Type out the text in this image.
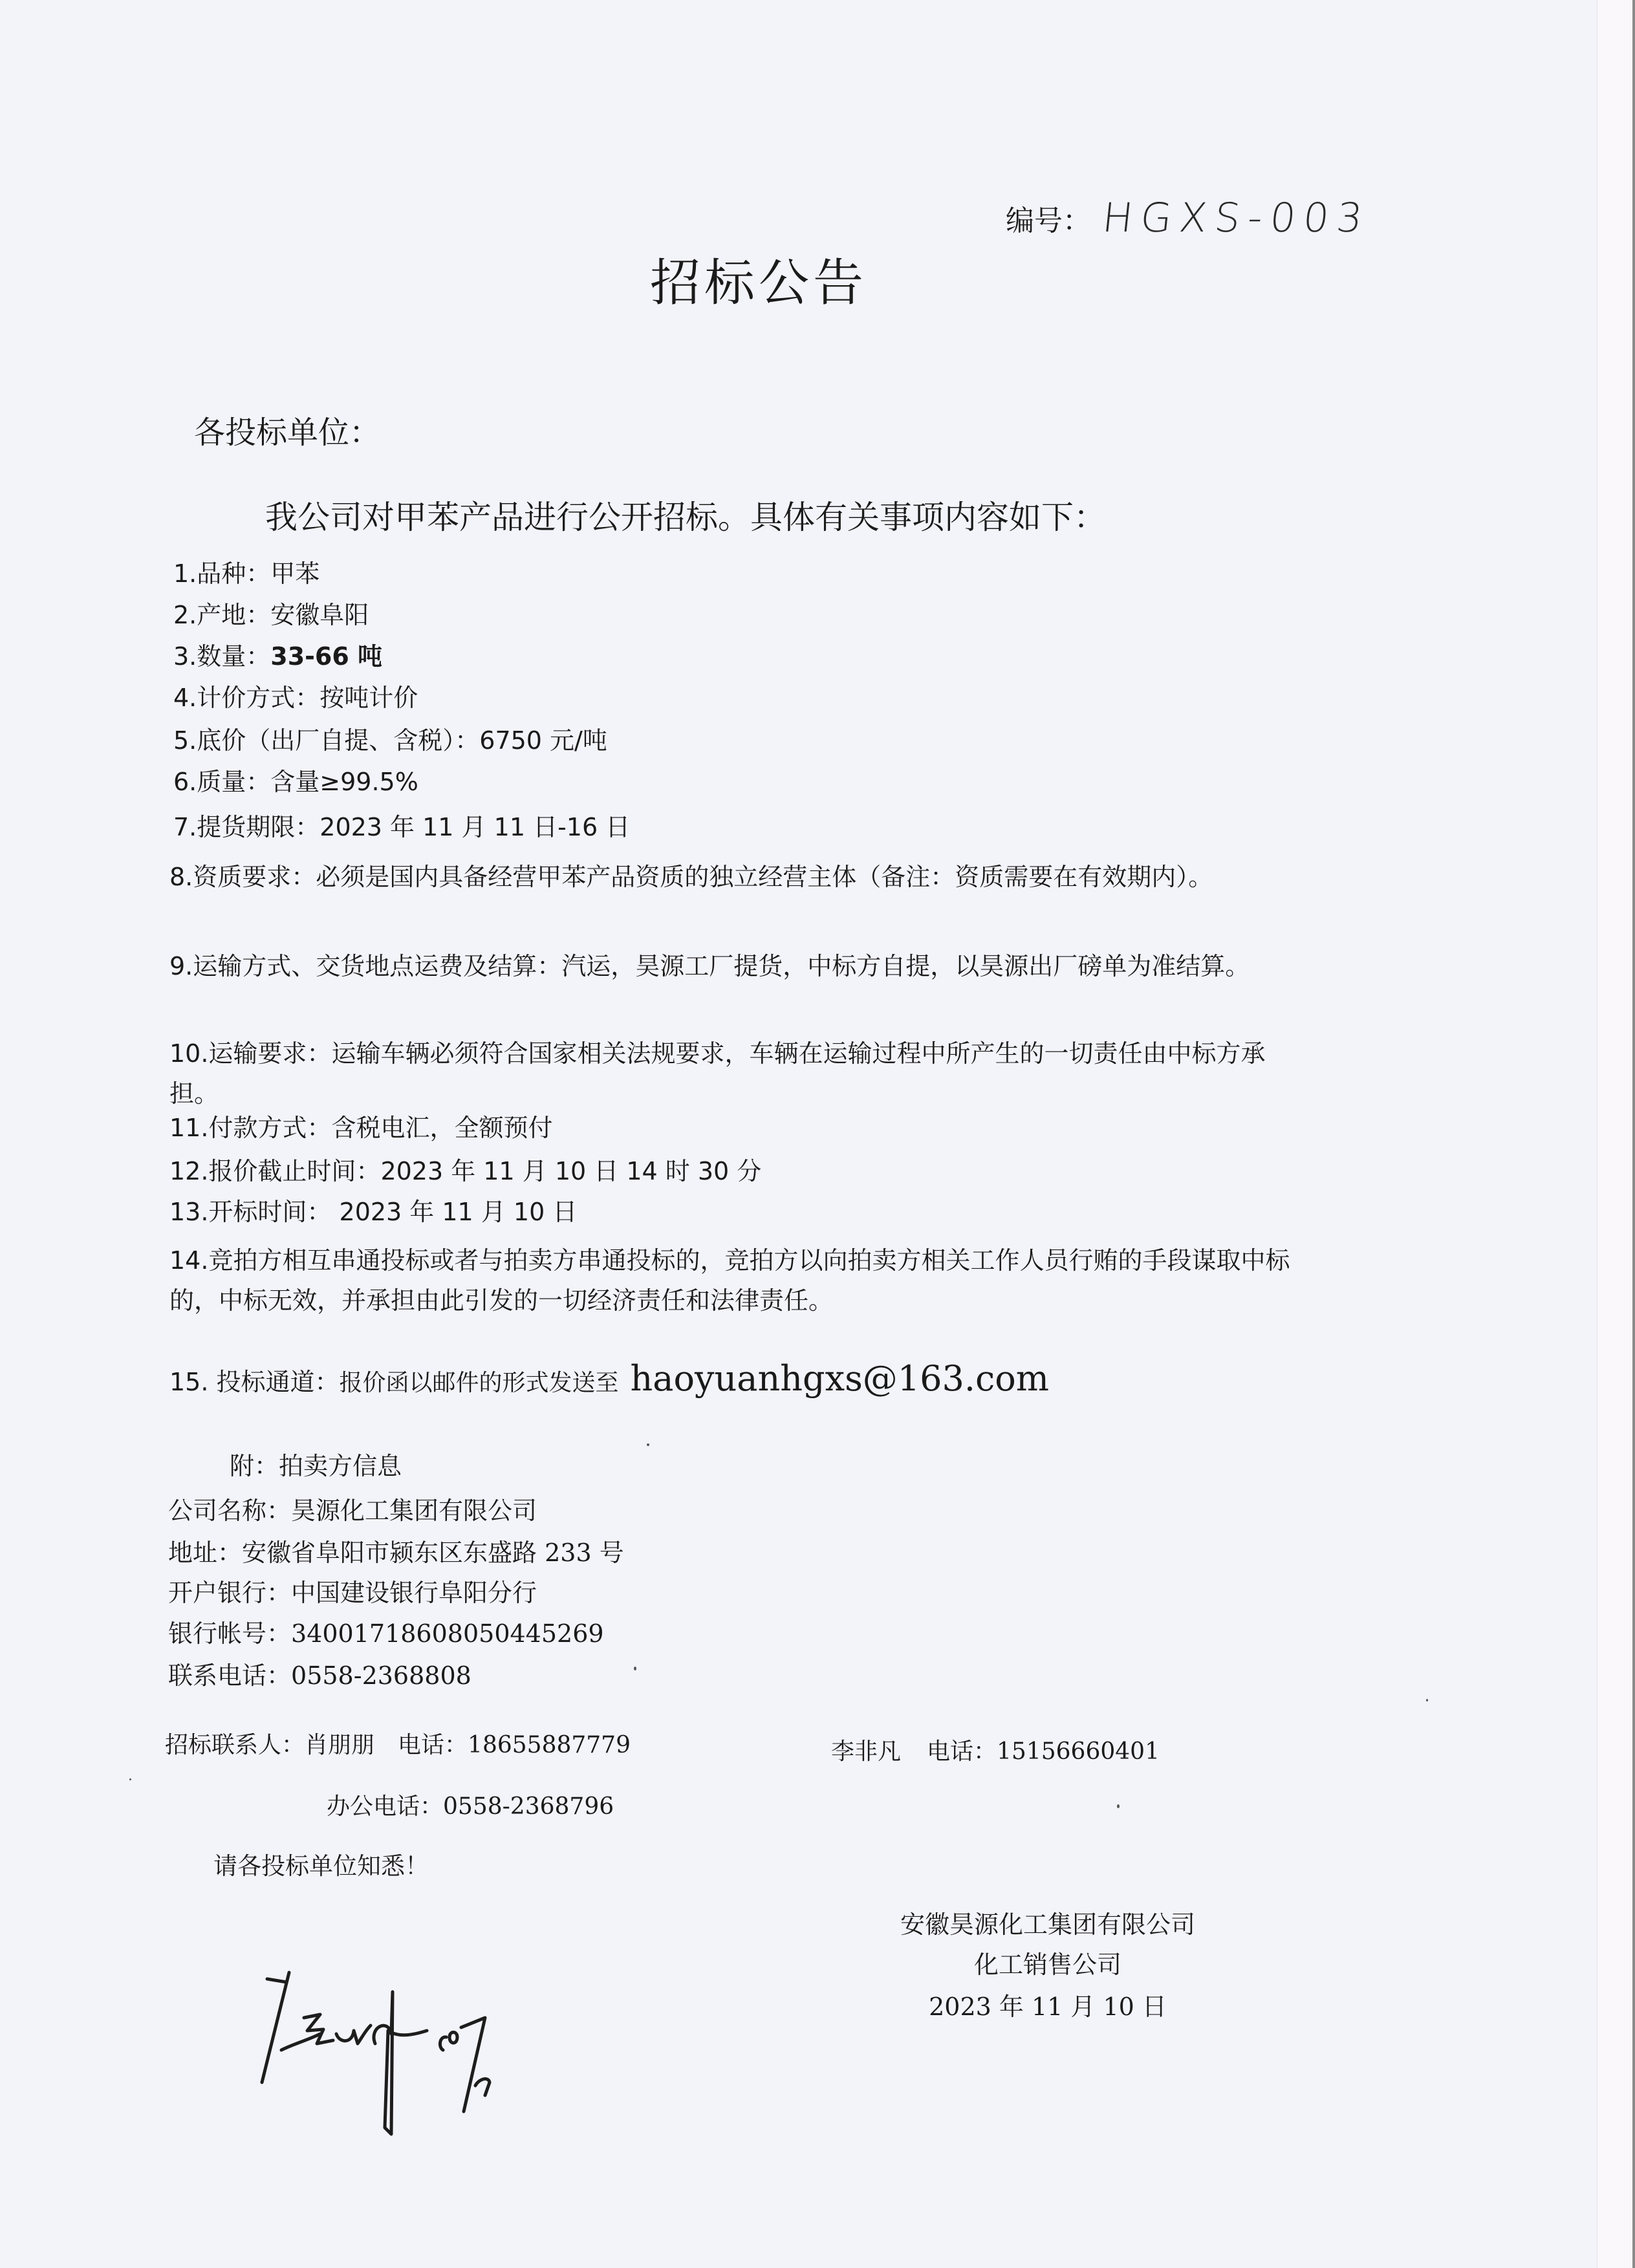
编号： HGXS-003
招标公告
各投标单位：
我公司对甲苯产品进行公开招标。具体有关事项内容如下：
1.品种：甲苯
2.产地：安徽阜阳
3.数量：33-66 吨
4.计价方式：按吨计价
5.底价（出厂自提、含税）：6750 元/吨
6.质量：含量≥99.5%
7.提货期限：2023 年 11 月 11 日-16 日
8.资质要求：必须是国内具备经营甲苯产品资质的独立经营主体（备注：资质需要在有效期内）。
9.运输方式、交货地点运费及结算：汽运，昊源工厂提货，中标方自提，以昊源出厂磅单为准结算。
10.运输要求：运输车辆必须符合国家相关法规要求，车辆在运输过程中所产生的一切责任由中标方承担。
11.付款方式：含税电汇，全额预付
12.报价截止时间：2023 年 11 月 10 日 14 时 30 分
13.开标时间： 2023 年 11 月 10 日
14.竞拍方相互串通投标或者与拍卖方串通投标的，竞拍方以向拍卖方相关工作人员行贿的手段谋取中标的，中标无效，并承担由此引发的一切经济责任和法律责任。
15. 投标通道： 报价函以邮件的形式发送至 haoyuanhgxs@163.com
附：拍卖方信息
公司名称：昊源化工集团有限公司
地址：安徽省阜阳市颍东区东盛路 233 号
开户银行：中国建设银行阜阳分行
银行帐号：34001718608050445269
联系电话：0558-2368808
招标联系人：肖朋朋 电话：18655887779	李非凡 电话：15156660401
办公电话：0558-2368796
请各投标单位知悉！
安徽昊源化工集团有限公司
化工销售公司
2023 年 11 月 10 日
